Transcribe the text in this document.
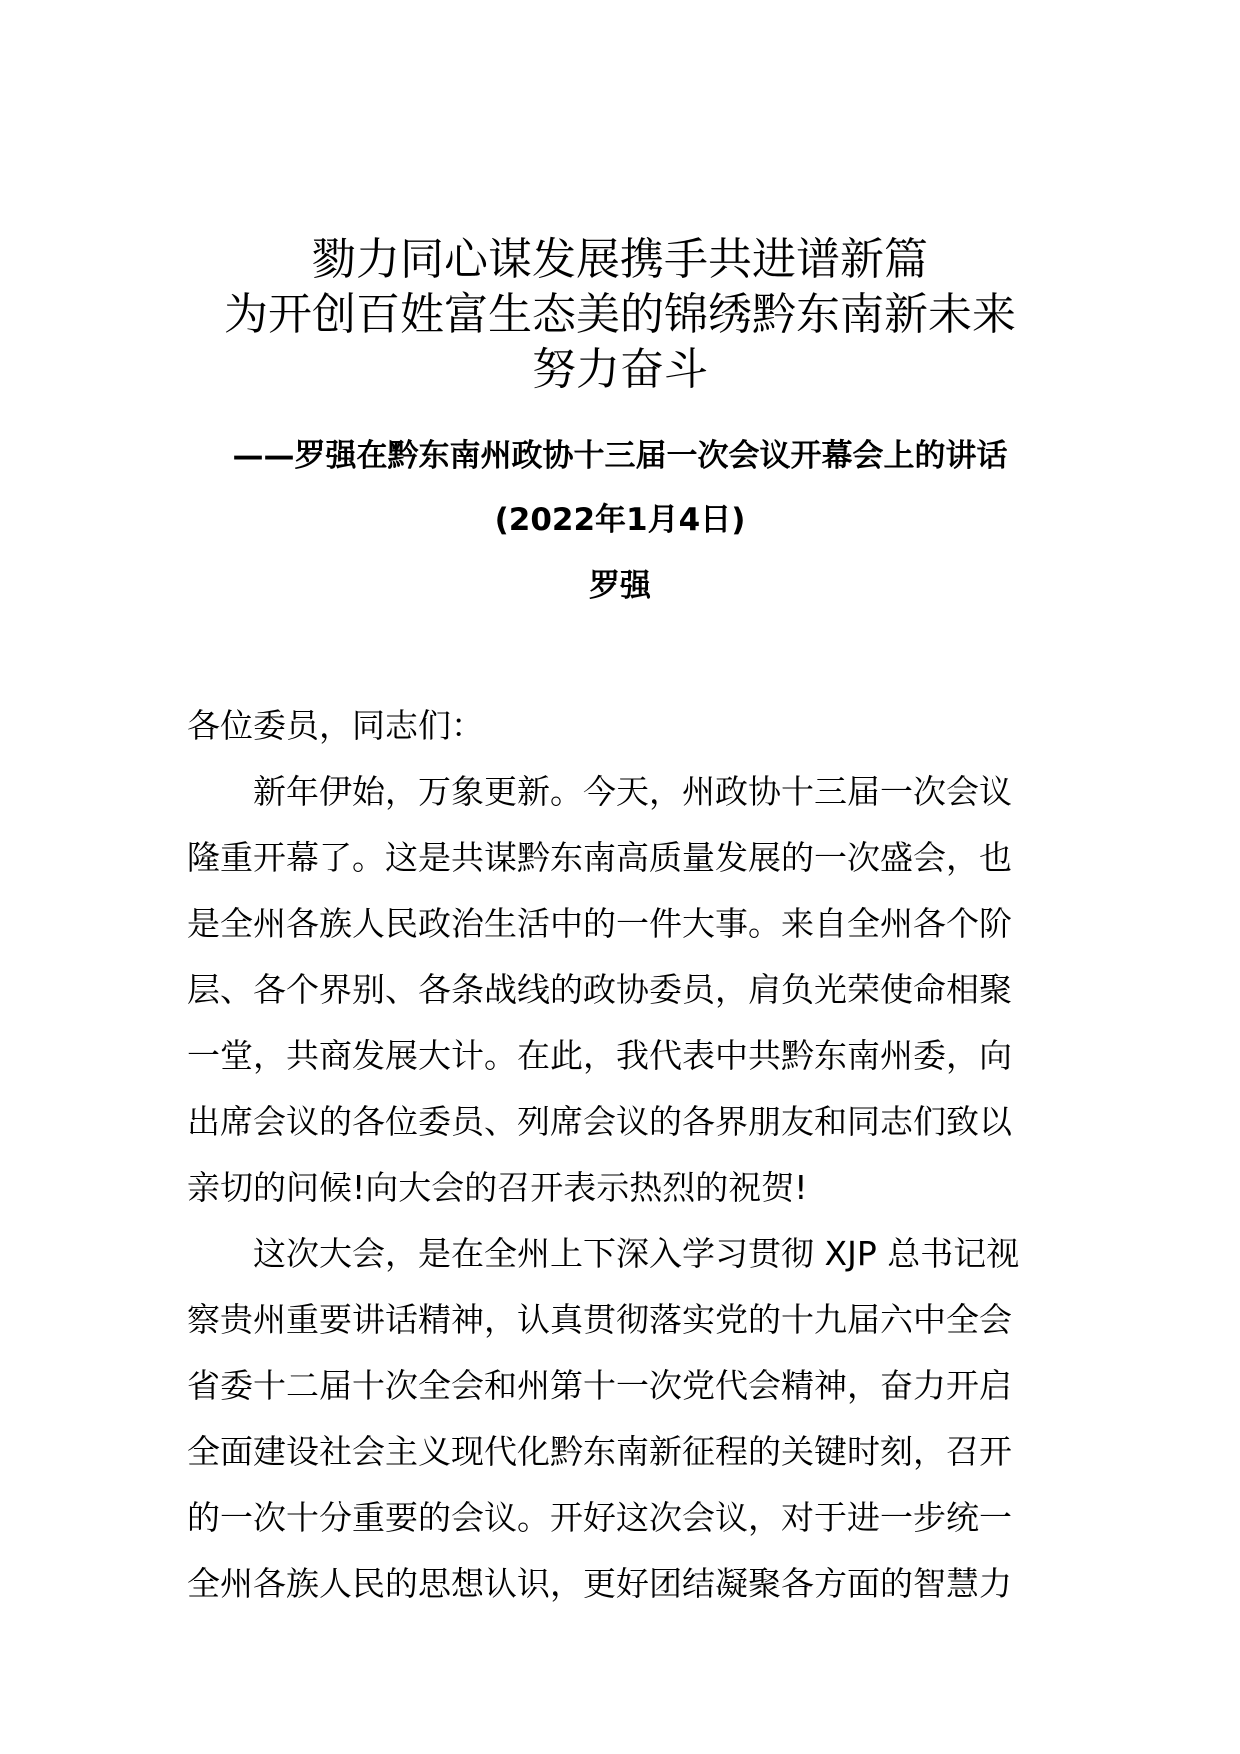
勠力同心谋发展携手共进谱新篇
为开创百姓富生态美的锦绣黔东南新未来
努力奋斗
——罗强在黔东南州政协十三届一次会议开幕会上的讲话
(2022年1月4日)
罗强
各位委员，同志们：
新年伊始，万象更新。今天，州政协十三届一次会议
隆重开幕了。这是共谋黔东南高质量发展的一次盛会，也
是全州各族人民政治生活中的一件大事。来自全州各个阶
层、各个界别、各条战线的政协委员，肩负光荣使命相聚
一堂，共商发展大计。在此，我代表中共黔东南州委，向
出席会议的各位委员、列席会议的各界朋友和同志们致以
亲切的问候!向大会的召开表示热烈的祝贺!
这次大会，是在全州上下深入学习贯彻 XJP 总书记视
察贵州重要讲话精神，认真贯彻落实党的十九届六中全会
省委十二届十次全会和州第十一次党代会精神，奋力开启
全面建设社会主义现代化黔东南新征程的关键时刻，召开
的一次十分重要的会议。开好这次会议，对于进一步统一
全州各族人民的思想认识，更好团结凝聚各方面的智慧力
